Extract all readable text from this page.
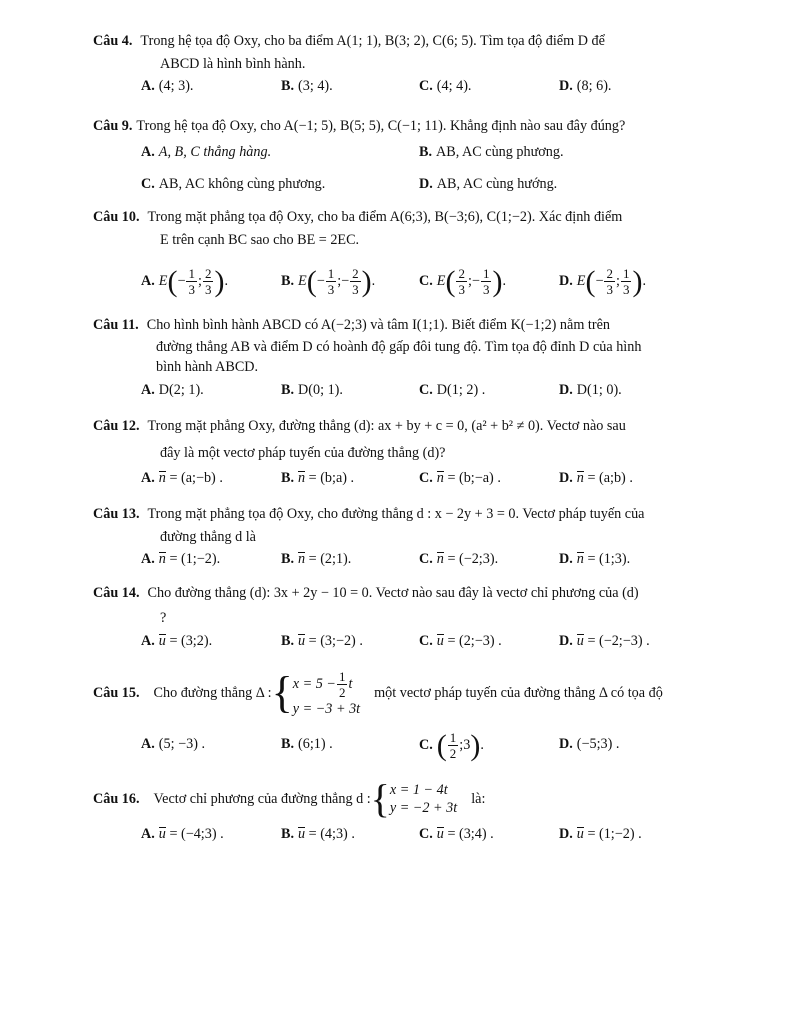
Câu 4. Trong hệ tọa độ Oxy, cho ba điểm A(1; 1), B(3; 2), C(6; 5). Tìm tọa độ điểm D để
ABCD là hình bình hành.
A. (4; 3).	B. (3; 4).	C. (4; 4).	D. (8; 6).
Câu 9. Trong hệ tọa độ Oxy, cho A(−1; 5), B(5; 5), C(−1; 11). Khẳng định nào sau đây đúng?
A. A, B, C thẳng hàng.	B. AB, AC cùng phương.
C. AB, AC không cùng phương.	D. AB, AC cùng hướng.
Câu 10. Trong mặt phẳng tọa độ Oxy, cho ba điểm A(6;3), B(−3;6), C(1;−2). Xác định điểm
E trên cạnh BC sao cho BE = 2EC.
A. E ( − $\frac{1}{3}$ ; $\frac{2}{3}$ ) .	B. E ( − $\frac{1}{3}$ ; − $\frac{2}{3}$ ) .	C. E ( $\frac{2}{3}$ ; − $\frac{1}{3}$ ) .	D. E ( − $\frac{2}{3}$ ; $\frac{1}{3}$ ) .
Câu 11. Cho hình bình hành ABCD có A(−2;3) và tâm I(1;1). Biết điểm K(−1;2) nằm trên
đường thẳng AB và điểm D có hoành độ gấp đôi tung độ. Tìm tọa độ đỉnh D của hình
bình hành ABCD.
A. D(2; 1).	B. D(0; 1).	C. D(1; 2) .	D. D(1; 0).
Câu 12. Trong mặt phẳng Oxy, đường thẳng (d): ax + by + c = 0, (a² + b² ≠ 0). Vectơ nào sau
đây là một vectơ pháp tuyến của đường thẳng (d)?
A. n
= (a;−b) .	B. n
= (b;a) .	C. n
= (b;−a) .	D. n
= (a;b) .
Câu 13. Trong mặt phẳng tọa độ Oxy, cho đường thẳng d : x − 2y + 3 = 0. Vectơ pháp tuyến của
đường thẳng d là
A. n
= (1;−2).	B. n
= (2;1).	C. n
= (−2;3).	D. n
= (1;3).
Câu 14. Cho đường thẳng (d): 3x + 2y − 10 = 0. Vectơ nào sau đây là vectơ chỉ phương của (d)
?
A. u
= (3;2).	B. u
= (3;−2) .	C. u
= (2;−3) .	D. u
= (−2;−3) .
Câu 15. Cho đường thẳng Δ : { $x = 5 - \frac{1}{2}$ t
y = −3 + 3t
một vectơ pháp tuyến của đường thẳng Δ có tọa độ
A. (5; −3) .	B. (6;1) .	C. ( $\frac{1}{2}$ ;3 ) .	D. (−5;3) .
Câu 16. Vectơ chỉ phương của đường thẳng d : { x = 1 − 4t
y = −2 + 3t
là:
A. u
= (−4;3) .	B. u
= (4;3) .	C. u
= (3;4) .	D. u
= (1;−2) .
